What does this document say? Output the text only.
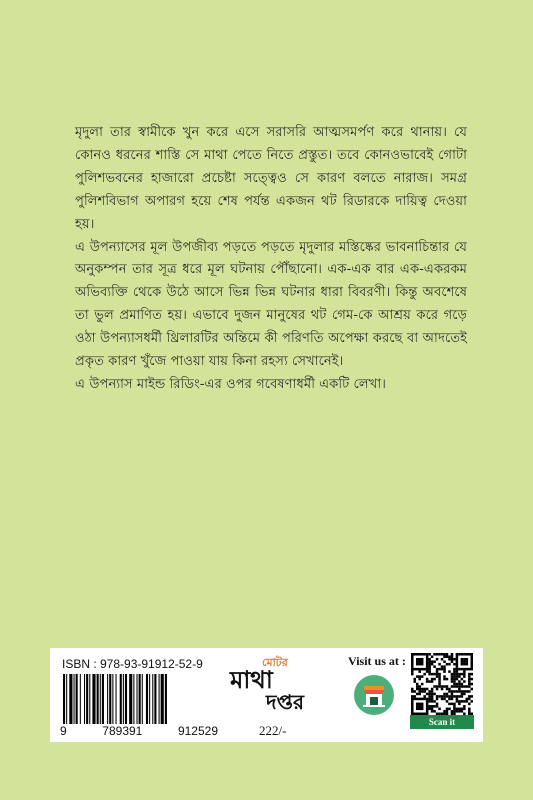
মৃদুলা তার স্বামীকে খুন করে এসে সরাসরি আত্মসমর্পণ করে থানায়। যে কোনও ধরনের শাস্তি সে মাথা পেতে নিতে প্রস্তুত। তবে কোনওভাবেই গোটা পুলিশভবনের হাজারো প্রচেষ্টা সত্ত্বেও সে কারণ বলতে নারাজ। সমগ্র পুলিশবিভাগ অপারগ হয়ে শেষ পর্যন্ত একজন থট রিডারকে দায়িত্ব দেওয়া হয়।

এ উপন্যাসের মূল উপজীব্য পড়তে পড়তে মৃদুলার মস্তিষ্কের ভাবনাচিন্তার যে অনুকম্পন তার সূত্র ধরে মূল ঘটনায় পৌঁছানো। এক-এক বার এক-একরকম অভিব্যক্তি থেকে উঠে আসে ভিন্ন ভিন্ন ঘটনার ধারা বিবরণী। কিন্তু অবশেষে তা ভুল প্রমাণিত হয়। এভাবে দুজন মানুষের থট গেম-কে আশ্রয় করে গড়ে ওঠা উপন্যাসধর্মী থ্রিলারটির অন্তিমে কী পরিণতি অপেক্ষা করছে বা আদতেই প্রকৃত কারণ খুঁজে পাওয়া যায় কিনা রহস্য সেখানেই।

এ উপন্যাস মাইন্ড রিডিং-এর ওপর গবেষণাধর্মী একটি লেখা।

ISBN : 978-93-91912-52-9
9	789391	912529
মোটর
মাথা
দপ্তর
222/-
Visit us at :
Scan it
